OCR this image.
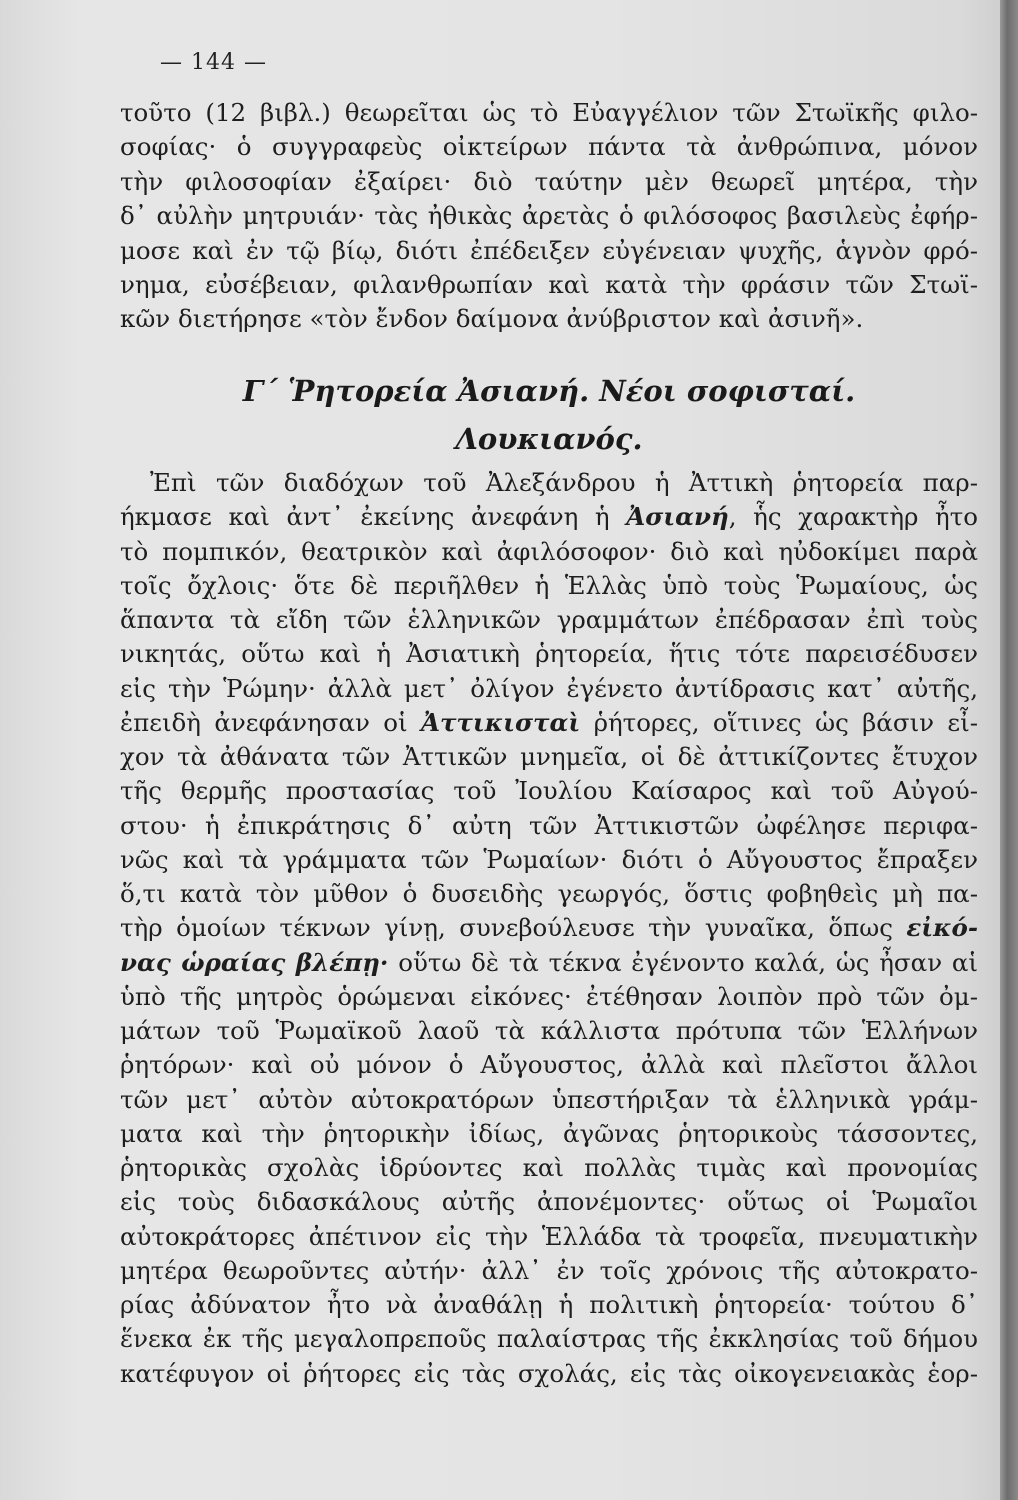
— 144 —
τοῦτο (12 βιβλ.) θεωρεῖται ὡς τὸ Εὐαγγέλιον τῶν Στωϊκῆς φιλο-
σοφίας· ὁ συγγραφεὺς οἰκτείρων πάντα τὰ ἀνθρώπινα, μόνον
τὴν φιλοσοφίαν ἐξαίρει· διὸ ταύτην μὲν θεωρεῖ μητέρα, τὴν
δ᾽ αὐλὴν μητρυιάν· τὰς ἠθικὰς ἀρετὰς ὁ φιλόσοφος βασιλεὺς ἐφήρ-
μοσε καὶ ἐν τῷ βίῳ, διότι ἐπέδειξεν εὐγένειαν ψυχῆς, ἁγνὸν φρό-
νημα, εὐσέβειαν, φιλανθρωπίαν καὶ κατὰ τὴν φράσιν τῶν Στωϊ-
κῶν διετήρησε «τὸν ἔνδον δαίμονα ἀνύβριστον καὶ ἀσινῆ».
Γ΄ Ῥητορεία Ἀσιανή. Νέοι σοφισταί.
Λουκιανός.
Ἐπὶ τῶν διαδόχων τοῦ Ἀλεξάνδρου ἡ Ἀττικὴ ῥητορεία παρ-
ήκμασε καὶ ἀντ᾽ ἐκείνης ἀνεφάνη ἡ Ἀσιανή, ἧς χαρακτὴρ ἦτο
τὸ πομπικόν, θεατρικὸν καὶ ἀφιλόσοφον· διὸ καὶ ηὐδοκίμει παρὰ
τοῖς ὄχλοις· ὅτε δὲ περιῆλθεν ἡ Ἑλλὰς ὑπὸ τοὺς Ῥωμαίους, ὡς
ἅπαντα τὰ εἴδη τῶν ἑλληνικῶν γραμμάτων ἐπέδρασαν ἐπὶ τοὺς
νικητάς, οὕτω καὶ ἡ Ἀσιατικὴ ῥητορεία, ἥτις τότε παρεισέδυσεν
εἰς τὴν Ῥώμην· ἀλλὰ μετ᾽ ὀλίγον ἐγένετο ἀντίδρασις κατ᾽ αὐτῆς,
ἐπειδὴ ἀνεφάνησαν οἱ Ἀττικισταὶ ῥήτορες, οἵτινες ὡς βάσιν εἶ-
χον τὰ ἀθάνατα τῶν Ἀττικῶν μνημεῖα, οἱ δὲ ἀττικίζοντες ἔτυχον
τῆς θερμῆς προστασίας τοῦ Ἰουλίου Καίσαρος καὶ τοῦ Αὐγού-
στου· ἡ ἐπικράτησις δ᾽ αὐτη τῶν Ἀττικιστῶν ὠφέλησε περιφα-
νῶς καὶ τὰ γράμματα τῶν Ῥωμαίων· διότι ὁ Αὔγουστος ἔπραξεν
ὅ,τι κατὰ τὸν μῦθον ὁ δυσειδὴς γεωργός, ὅστις φοβηθεὶς μὴ πα-
τὴρ ὁμοίων τέκνων γίνῃ, συνεβούλευσε τὴν γυναῖκα, ὅπως εἰκό-
νας ὡραίας βλέπῃ· οὕτω δὲ τὰ τέκνα ἐγένοντο καλά, ὡς ἦσαν αἱ
ὑπὸ τῆς μητρὸς ὁρώμεναι εἰκόνες· ἐτέθησαν λοιπὸν πρὸ τῶν ὀμ-
μάτων τοῦ Ῥωμαϊκοῦ λαοῦ τὰ κάλλιστα πρότυπα τῶν Ἑλλήνων
ῥητόρων· καὶ οὐ μόνον ὁ Αὔγουστος, ἀλλὰ καὶ πλεῖστοι ἄλλοι
τῶν μετ᾽ αὐτὸν αὐτοκρατόρων ὑπεστήριξαν τὰ ἑλληνικὰ γράμ-
ματα καὶ τὴν ῥητορικὴν ἰδίως, ἀγῶνας ῥητορικοὺς τάσσοντες,
ῥητορικὰς σχολὰς ἱδρύοντες καὶ πολλὰς τιμὰς καὶ προνομίας
εἰς τοὺς διδασκάλους αὐτῆς ἀπονέμοντες· οὕτως οἱ Ῥωμαῖοι
αὐτοκράτορες ἀπέτινον εἰς τὴν Ἑλλάδα τὰ τροφεῖα, πνευματικὴν
μητέρα θεωροῦντες αὐτήν· ἀλλ᾽ ἐν τοῖς χρόνοις τῆς αὐτοκρατο-
ρίας ἀδύνατον ἦτο νὰ ἀναθάλῃ ἡ πολιτικὴ ῥητορεία· τούτου δ᾽
ἕνεκα ἐκ τῆς μεγαλοπρεποῦς παλαίστρας τῆς ἐκκλησίας τοῦ δήμου
κατέφυγον οἱ ῥήτορες εἰς τὰς σχολάς, εἰς τὰς οἰκογενειακὰς ἑορ-
